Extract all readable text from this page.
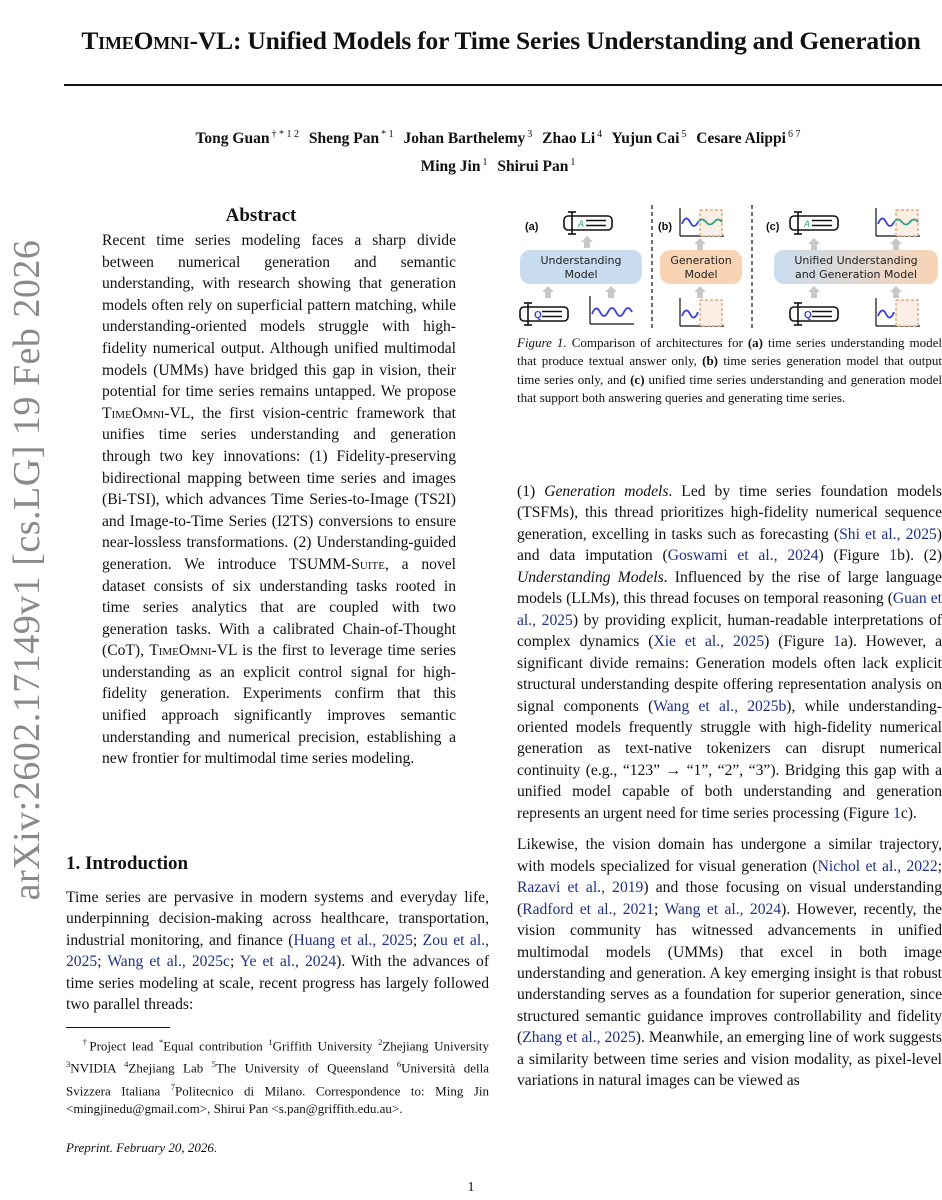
arXiv:2602.17149v1 [cs.LG] 19 Feb 2026
TimeOmni-VL: Unified Models for Time Series Understanding and Generation
Tong Guan $^{\dagger * 1 2}$ Sheng Pan $^{* 1}$ Johan Barthelemy $^3$ Zhao Li $^4$ Yujun Cai $^5$ Cesare Alippi $^{6 7}$
Ming Jin $^1$ Shirui Pan $^1$
Abstract
Recent time series modeling faces a sharp divide between numerical generation and semantic understanding, with research showing that generation models often rely on superficial pattern matching, while understanding-oriented models struggle with high-fidelity numerical output. Although unified multimodal models (UMMs) have bridged this gap in vision, their potential for time series remains untapped. We propose TimeOmni-VL, the first vision-centric framework that unifies time series understanding and generation through two key innovations: (1) Fidelity-preserving bidirectional mapping between time series and images (Bi-TSI), which advances Time Series-to-Image (TS2I) and Image-to-Time Series (I2TS) conversions to ensure near-lossless transformations. (2) Understanding-guided generation. We introduce TSUMM-Suite, a novel dataset consists of six understanding tasks rooted in time series analytics that are coupled with two generation tasks. With a calibrated Chain-of-Thought (CoT), TimeOmni-VL is the first to leverage time series understanding as an explicit control signal for high-fidelity generation. Experiments confirm that this unified approach significantly improves semantic understanding and numerical precision, establishing a new frontier for multimodal time series modeling.
1. Introduction
Time series are pervasive in modern systems and everyday life, underpinning decision-making across healthcare, transportation, industrial monitoring, and finance (Huang et al., 2025; Zou et al., 2025; Wang et al., 2025c; Ye et al., 2024). With the advances of time series modeling at scale, recent progress has largely followed two parallel threads:
†Project lead *Equal contribution $^1$Griffith University $^2$Zhejiang University $^3$NVIDIA $^4$Zhejiang Lab $^5$The University of Queensland $^6$Università della Svizzera Italiana $^7$Politecnico di Milano. Correspondence to: Ming Jin <mingjinedu@gmail.com>, Shirui Pan <s.pan@griffith.edu.au>.
Preprint. February 20, 2026.
(a)	A
Understanding
Model
Q
(b)
Generation
Model
(c)	A
Unified Understanding
and Generation Model
Q
Figure 1. Comparison of architectures for (a) time series understanding model that produce textual answer only, (b) time series generation model that output time series only, and (c) unified time series understanding and generation model that support both answering queries and generating time series.

(1) Generation models. Led by time series foundation models (TSFMs), this thread prioritizes high-fidelity numerical sequence generation, excelling in tasks such as forecasting (Shi et al., 2025) and data imputation (Goswami et al., 2024) (Figure 1b). (2) Understanding Models. Influenced by the rise of large language models (LLMs), this thread focuses on temporal reasoning (Guan et al., 2025) by providing explicit, human-readable interpretations of complex dynamics (Xie et al., 2025) (Figure 1a). However, a significant divide remains: Generation models often lack explicit structural understanding despite offering representation analysis on signal components (Wang et al., 2025b), while understanding-oriented models frequently struggle with high-fidelity numerical generation as text-native tokenizers can disrupt numerical continuity (e.g., “123” → “1”, “2”, “3”). Bridging this gap with a unified model capable of both understanding and generation represents an urgent need for time series processing (Figure 1c).

Likewise, the vision domain has undergone a similar trajectory, with models specialized for visual generation (Nichol et al., 2022; Razavi et al., 2019) and those focusing on visual understanding (Radford et al., 2021; Wang et al., 2024). However, recently, the vision community has witnessed advancements in unified multimodal models (UMMs) that excel in both image understanding and generation. A key emerging insight is that robust understanding serves as a foundation for superior generation, since structured semantic guidance improves controllability and fidelity (Zhang et al., 2025). Meanwhile, an emerging line of work suggests a similarity between time series and vision modality, as pixel-level variations in natural images can be viewed as

1
